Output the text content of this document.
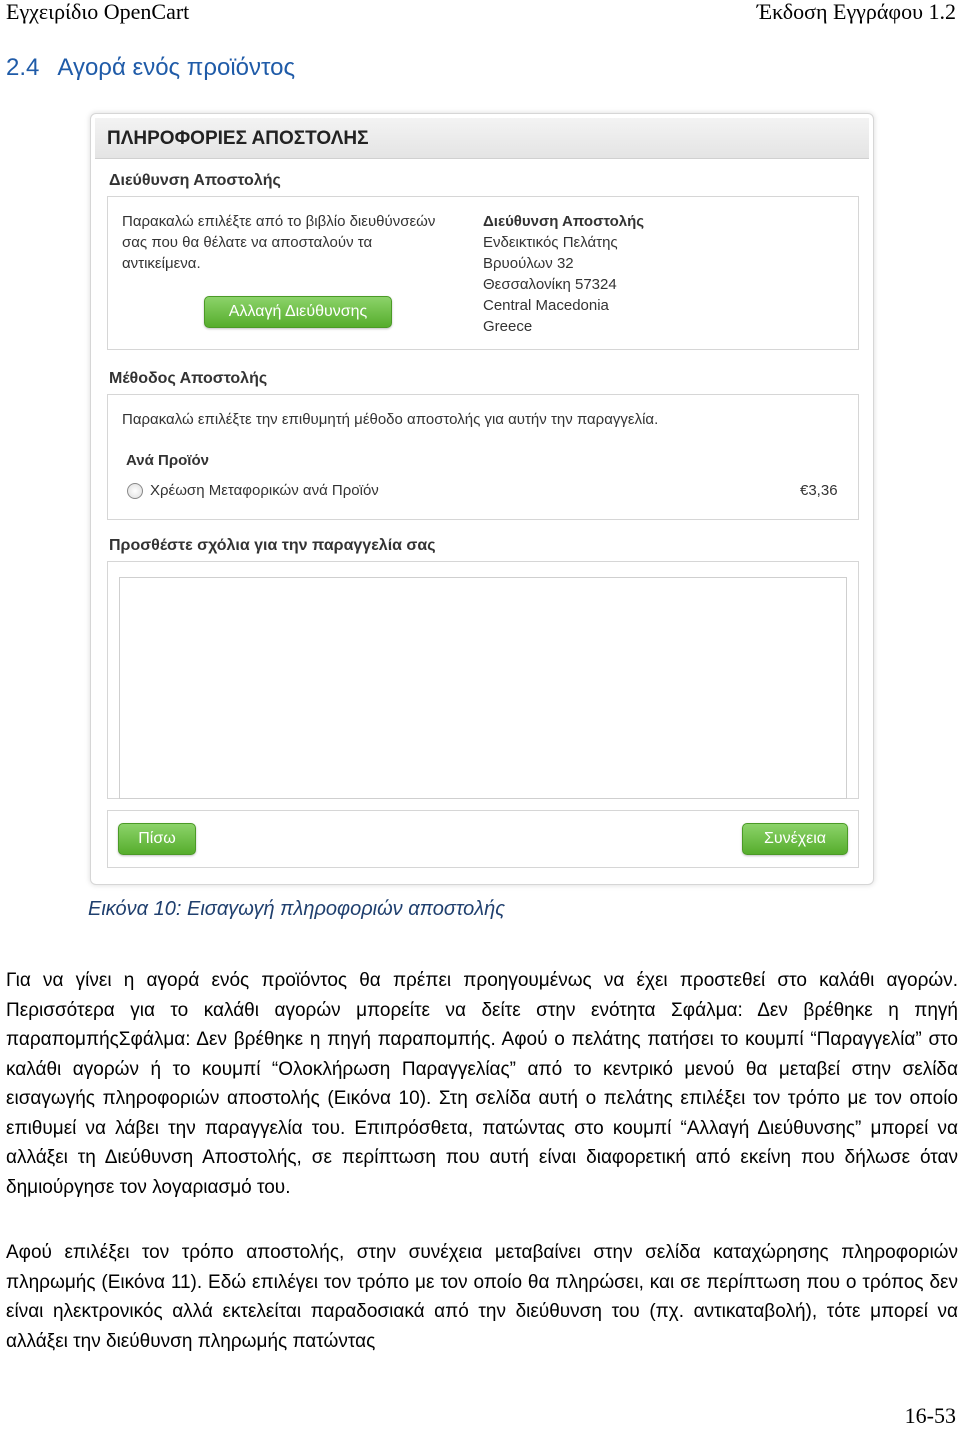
Εγχειρίδιο OpenCart	Έκδοση Εγγράφου 1.2
2.4 Αγορά ενός προϊόντος
ΠΛΗΡΟΦΟΡΙΕΣ ΑΠΟΣΤΟΛΗΣ
Διεύθυνση Αποστολής
Παρακαλώ επιλέξτε από το βιβλίο διευθύνσεών
σας που θα θέλατε να αποσταλούν τα
αντικείμενα.
Αλλαγή Διεύθυνσης
Διεύθυνση Αποστολής
Ενδεικτικός Πελάτης
Βρυούλων 32
Θεσσαλονίκη 57324
Central Macedonia
Greece
Μέθοδος Αποστολής
Παρακαλώ επιλέξτε την επιθυμητή μέθοδο αποστολής για αυτήν την παραγγελία.
Ανά Προϊόν
Χρέωση Μεταφορικών ανά Προϊόν	€3,36
Προσθέστε σχόλια για την παραγγελία σας
Πίσω	Συνέχεια
Εικόνα 10: Εισαγωγή πληροφοριών αποστολής
Για να γίνει η αγορά ενός προϊόντος θα πρέπει προηγουμένως να έχει προστεθεί στο καλάθι αγορών. Περισσότερα για το καλάθι αγορών μπορείτε να δείτε στην ενότητα Σφάλμα: Δεν βρέθηκε η πηγή παραπομπήςΣφάλμα: Δεν βρέθηκε η πηγή παραπομπής. Αφού ο πελάτης πατήσει το κουμπί “Παραγγελία” στο καλάθι αγορών ή το κουμπί “Ολοκλήρωση Παραγγελίας” από το κεντρικό μενού θα μεταβεί στην σελίδα εισαγωγής πληροφοριών αποστολής (Εικόνα 10). Στη σελίδα αυτή ο πελάτης επιλέξει τον τρόπο με τον οποίο επιθυμεί να λάβει την παραγγελία του. Επιπρόσθετα, πατώντας στο κουμπί “Αλλαγή Διεύθυνσης” μπορεί να αλλάξει τη Διεύθυνση Αποστολής, σε περίπτωση που αυτή είναι διαφορετική από εκείνη που δήλωσε όταν δημιούργησε τον λογαριασμό του.
Αφού επιλέξει τον τρόπο αποστολής, στην συνέχεια μεταβαίνει στην σελίδα καταχώρησης πληροφοριών πληρωμής (Εικόνα 11). Εδώ επιλέγει τον τρόπο με τον οποίο θα πληρώσει, και σε περίπτωση που ο τρόπος δεν είναι ηλεκτρονικός αλλά εκτελείται παραδοσιακά από την διεύθυνση του (πχ. αντικαταβολή), τότε μπορεί να αλλάξει την διεύθυνση πληρωμής πατώντας
16-53
